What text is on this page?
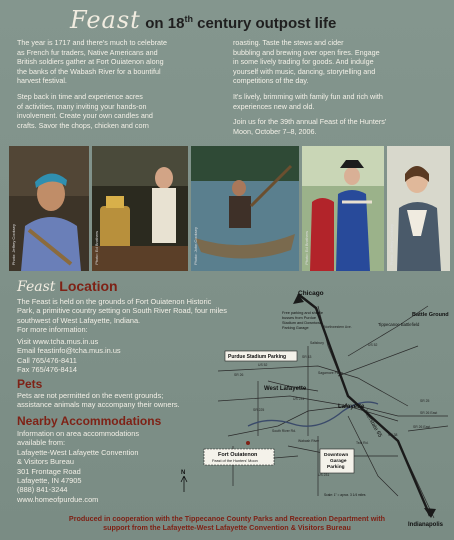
Feast on 18th century outpost life

The year is 1717 and there's much to celebrate
as French fur traders, Native Americans and
British soldiers gather at Fort Ouiatenon along
the banks of the Wabash River for a bountiful
harvest festival.

Step back in time and experience acres
of activities, many inviting your hands-on
involvement. Create your own candles and
crafts. Savor the chops, chicken and corn

roasting. Taste the stews and cider
bubbling and brewing over open fires. Engage
in some lively trading for goods. And indulge
yourself with music, dancing, storytelling and
competitions of the day.

It's lively, brimming with family fun and rich with
experiences new and old.

Join us for the 39th annual Feast of the Hunters'
Moon, October 7–8, 2006.

Photo: Jeffrey Cooksey	Photo: Ed Brothers	Photo: John Cooksey	Photo: Ed Brothers	Photo: Jeffrey Cooksey
Feast Location
The Feast is held on the grounds of Fort Ouiatenon Historic
Park, a primitive country setting on South River Road, four miles
southwest of West Lafayette, Indiana.
For more information:
Visit www.tcha.mus.in.us
Email feastinfo@tcha.mus.in.us
Call 765/476-8411
Fax 765/476-8414
Pets
Pets are not permitted on the event grounds;
assistance animals may accompany their owners.
Nearby Accommodations
Information on area accommodations
available from:
Lafayette-West Lafayette Convention
& Visitors Bureau
301 Frontage Road
Lafayette, IN 47905
(888) 841-3244
www.homeofpurdue.com
Chicago
Indianapolis
Battle Ground
Tippecanoe Battlefield
West Lafayette
Lafayette
Interstate 65
Purdue Stadium Parking
Free parking and shuttle busses from Purdue Stadium and Downtown Parking Garage
Fort Ouiatenon
Feast of the Hunters' Moon
Downtown Garage Parking
N
Scale: 1" = aprox. 3 1/4 miles
US 52
SR 43
SR 26
SR 225
US 231	SR 25
SR 26 East
US 52
South River Rd.
Wabash River
US 231
SR 38
SR 26 East
Sagamore Pkwy
Salisbury
Northwestern Ave.
Teal Rd.
Produced in cooperation with the Tippecanoe County Parks and Recreation Department with
support from the Lafayette-West Lafayette Convention & Visitors Bureau
